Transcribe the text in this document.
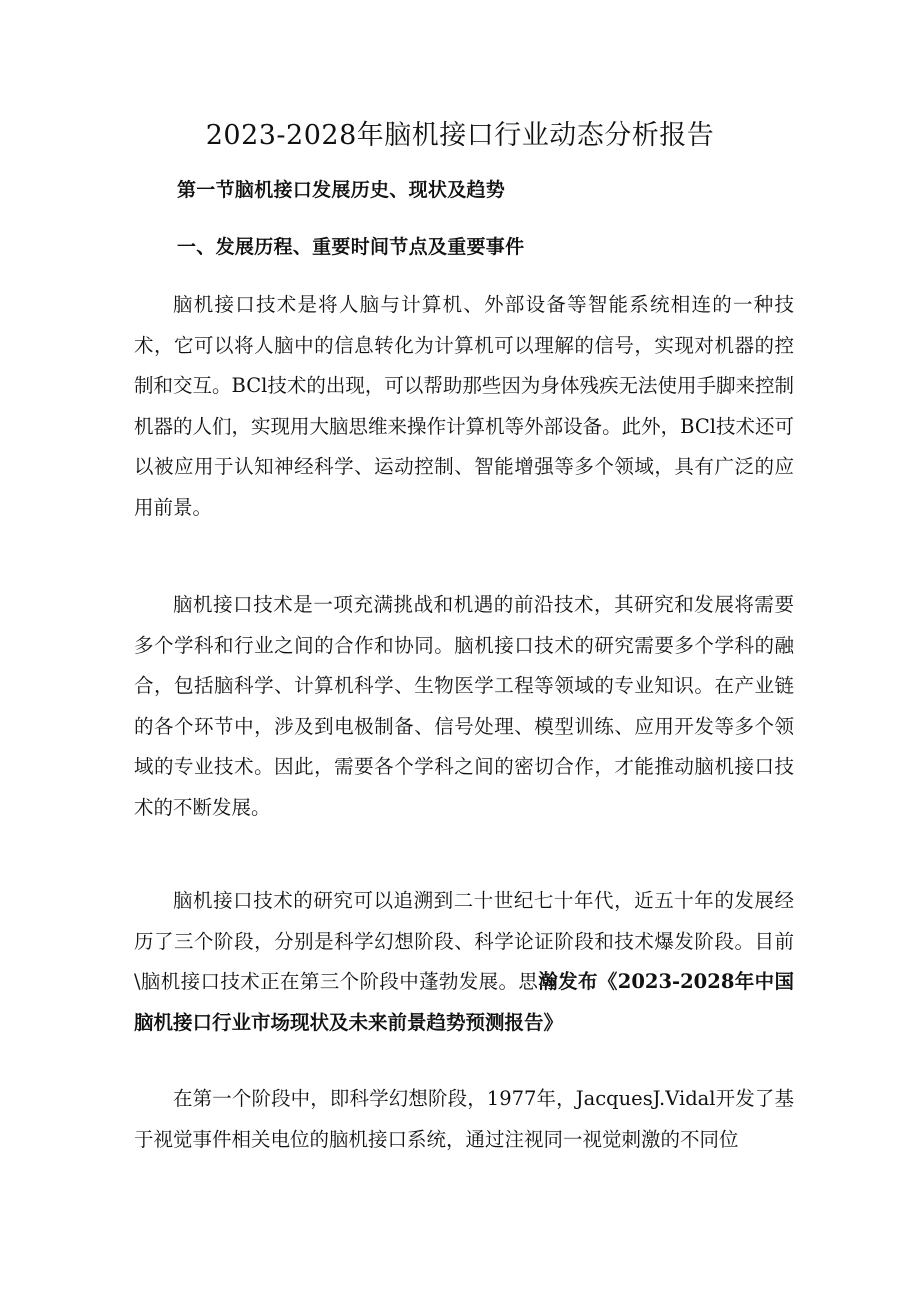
2023-2028年脑机接口行业动态分析报告
第一节脑机接口发展历史、现状及趋势
一、发展历程、重要时间节点及重要事件

脑机接口技术是将人脑与计算机、外部设备等智能系统相连的一种技术，它可以将人脑中的信息转化为计算机可以理解的信号，实现对机器的控制和交互。BCl技术的出现，可以帮助那些因为身体残疾无法使用手脚来控制机器的人们，实现用大脑思维来操作计算机等外部设备。此外，BCl技术还可以被应用于认知神经科学、运动控制、智能增强等多个领域，具有广泛的应用前景。

脑机接口技术是一项充满挑战和机遇的前沿技术，其研究和发展将需要多个学科和行业之间的合作和协同。脑机接口技术的研究需要多个学科的融合，包括脑科学、计算机科学、生物医学工程等领域的专业知识。在产业链的各个环节中，涉及到电极制备、信号处理、模型训练、应用开发等多个领域的专业技术。因此，需要各个学科之间的密切合作，才能推动脑机接口技术的不断发展。

脑机接口技术的研究可以追溯到二十世纪七十年代，近五十年的发展经历了三个阶段，分别是科学幻想阶段、科学论证阶段和技术爆发阶段。目前\脑机接口技术正在第三个阶段中蓬勃发展。思瀚发布《2023-2028年中国脑机接口行业市场现状及未来前景趋势预测报告》

在第一个阶段中，即科学幻想阶段，1977年，JacquesJ.Vidal开发了基于视觉事件相关电位的脑机接口系统，通过注视同一视觉刺激的不同位
